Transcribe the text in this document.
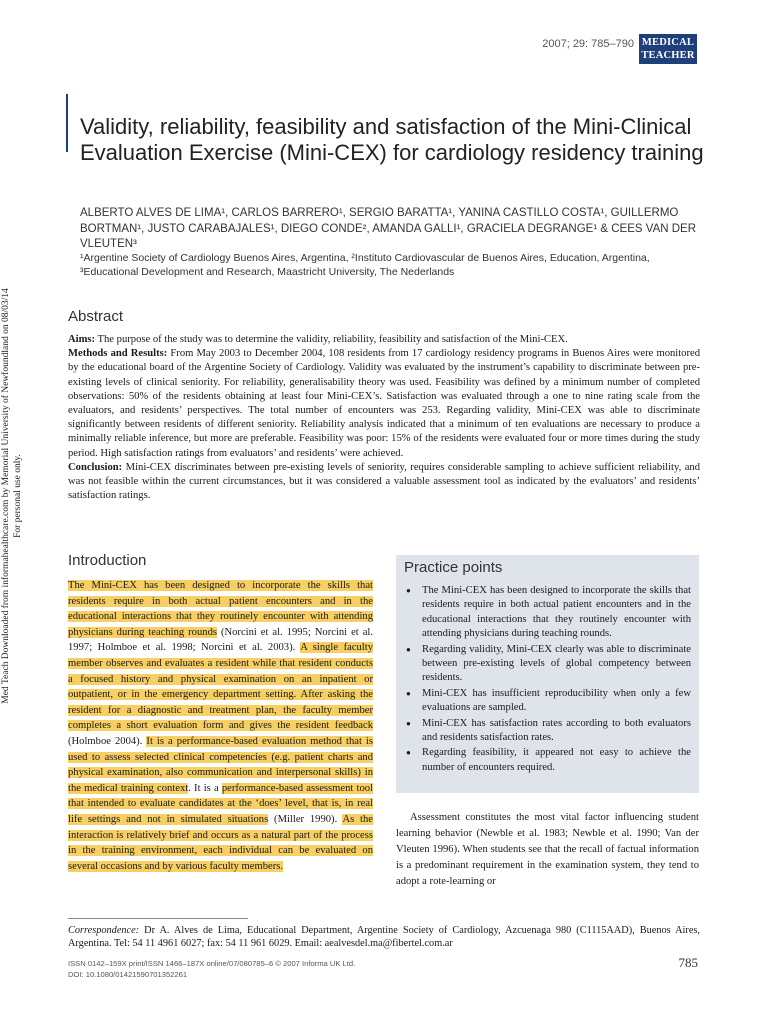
2007; 29: 785–790 MEDICAL
TEACHER
Validity, reliability, feasibility and satisfaction of the Mini-Clinical Evaluation Exercise (Mini-CEX) for cardiology residency training
ALBERTO ALVES DE LIMA¹, CARLOS BARRERO¹, SERGIO BARATTA¹, YANINA CASTILLO COSTA¹, GUILLERMO BORTMAN¹, JUSTO CARABAJALES¹, DIEGO CONDE², AMANDA GALLI¹, GRACIELA DEGRANGE¹ & CEES VAN DER VLEUTEN³
¹Argentine Society of Cardiology Buenos Aires, Argentina, ²Instituto Cardiovascular de Buenos Aires, Education, Argentina,
³Educational Development and Research, Maastricht University, The Nederlands
Med Teach Downloaded from informahealthcare.com by Memorial University of Newfoundland on 08/03/14 For personal use only.
Abstract

Aims: The purpose of the study was to determine the validity, reliability, feasibility and satisfaction of the Mini-CEX.

Methods and Results: From May 2003 to December 2004, 108 residents from 17 cardiology residency programs in Buenos Aires were monitored by the educational board of the Argentine Society of Cardiology. Validity was evaluated by the instrument’s capability to discriminate between pre-existing levels of clinical seniority. For reliability, generalisability theory was used. Feasibility was defined by a minimum number of completed observations: 50% of the residents obtaining at least four Mini-CEX’s. Satisfaction was evaluated through a one to nine rating scale from the evaluators, and residents’ perspectives. The total number of encounters was 253. Regarding validity, Mini-CEX was able to discriminate significantly between residents of different seniority. Reliability analysis indicated that a minimum of ten evaluations are necessary to produce a minimally reliable inference, but more are preferable. Feasibility was poor: 15% of the residents were evaluated four or more times during the study period. High satisfaction ratings from evaluators’ and residents’ were achieved.

Conclusion: Mini-CEX discriminates between pre-existing levels of seniority, requires considerable sampling to achieve sufficient reliability, and was not feasible within the current circumstances, but it was considered a valuable assessment tool as indicated by the evaluators’ and residents’ satisfaction ratings.

Introduction

The Mini-CEX has been designed to incorporate the skills that residents require in both actual patient encounters and in the educational interactions that they routinely encounter with attending physicians during teaching rounds (Norcini et al. 1995; Norcini et al. 1997; Holmboe et al. 1998; Norcini et al. 2003). A single faculty member observes and evaluates a resident while that resident conducts a focused history and physical examination on an inpatient or outpatient, or in the emergency department setting. After asking the resident for a diagnostic and treatment plan, the faculty member completes a short evaluation form and gives the resident feedback (Holmboe 2004). It is a performance-based evaluation method that is used to assess selected clinical competencies (e.g. patient charts and physical examination, also communication and interpersonal skills) in the medical training context. It is a performance-based assessment tool that intended to evaluate candidates at the ‘does’ level, that is, in real life settings and not in simulated situations (Miller 1990). As the interaction is relatively brief and occurs as a natural part of the process in the training environment, each individual can be evaluated on several occasions and by various faculty members.

Practice points
● The Mini-CEX has been designed to incorporate the skills that residents require in both actual patient encounters and in the educational interactions that they routinely encounter with attending physicians during teaching rounds.
● Regarding validity, Mini-CEX clearly was able to discriminate between pre-existing levels of global competency between residents.
● Mini-CEX has insufficient reproducibility when only a few evaluations are sampled.
● Mini-CEX has satisfaction rates according to both evaluators and residents satisfaction rates.
● Regarding feasibility, it appeared not easy to achieve the number of encounters required.

Assessment constitutes the most vital factor influencing student learning behavior (Newble et al. 1983; Newble et al. 1990; Van der Vleuten 1996). When students see that the recall of factual information is a predominant requirement in the examination system, they tend to adopt a rote-learning or

Correspondence: Dr A. Alves de Lima, Educational Department, Argentine Society of Cardiology, Azcuenaga 980 (C1115AAD), Buenos Aires, Argentina. Tel: 54 11 4961 6027; fax: 54 11 961 6029. Email: aealvesdel.ma@fibertel.com.ar
ISSN 0142–159X print/ISSN 1466–187X online/07/080785–6 © 2007 Informa UK Ltd.
DOI: 10.1080/01421590701352261
785
